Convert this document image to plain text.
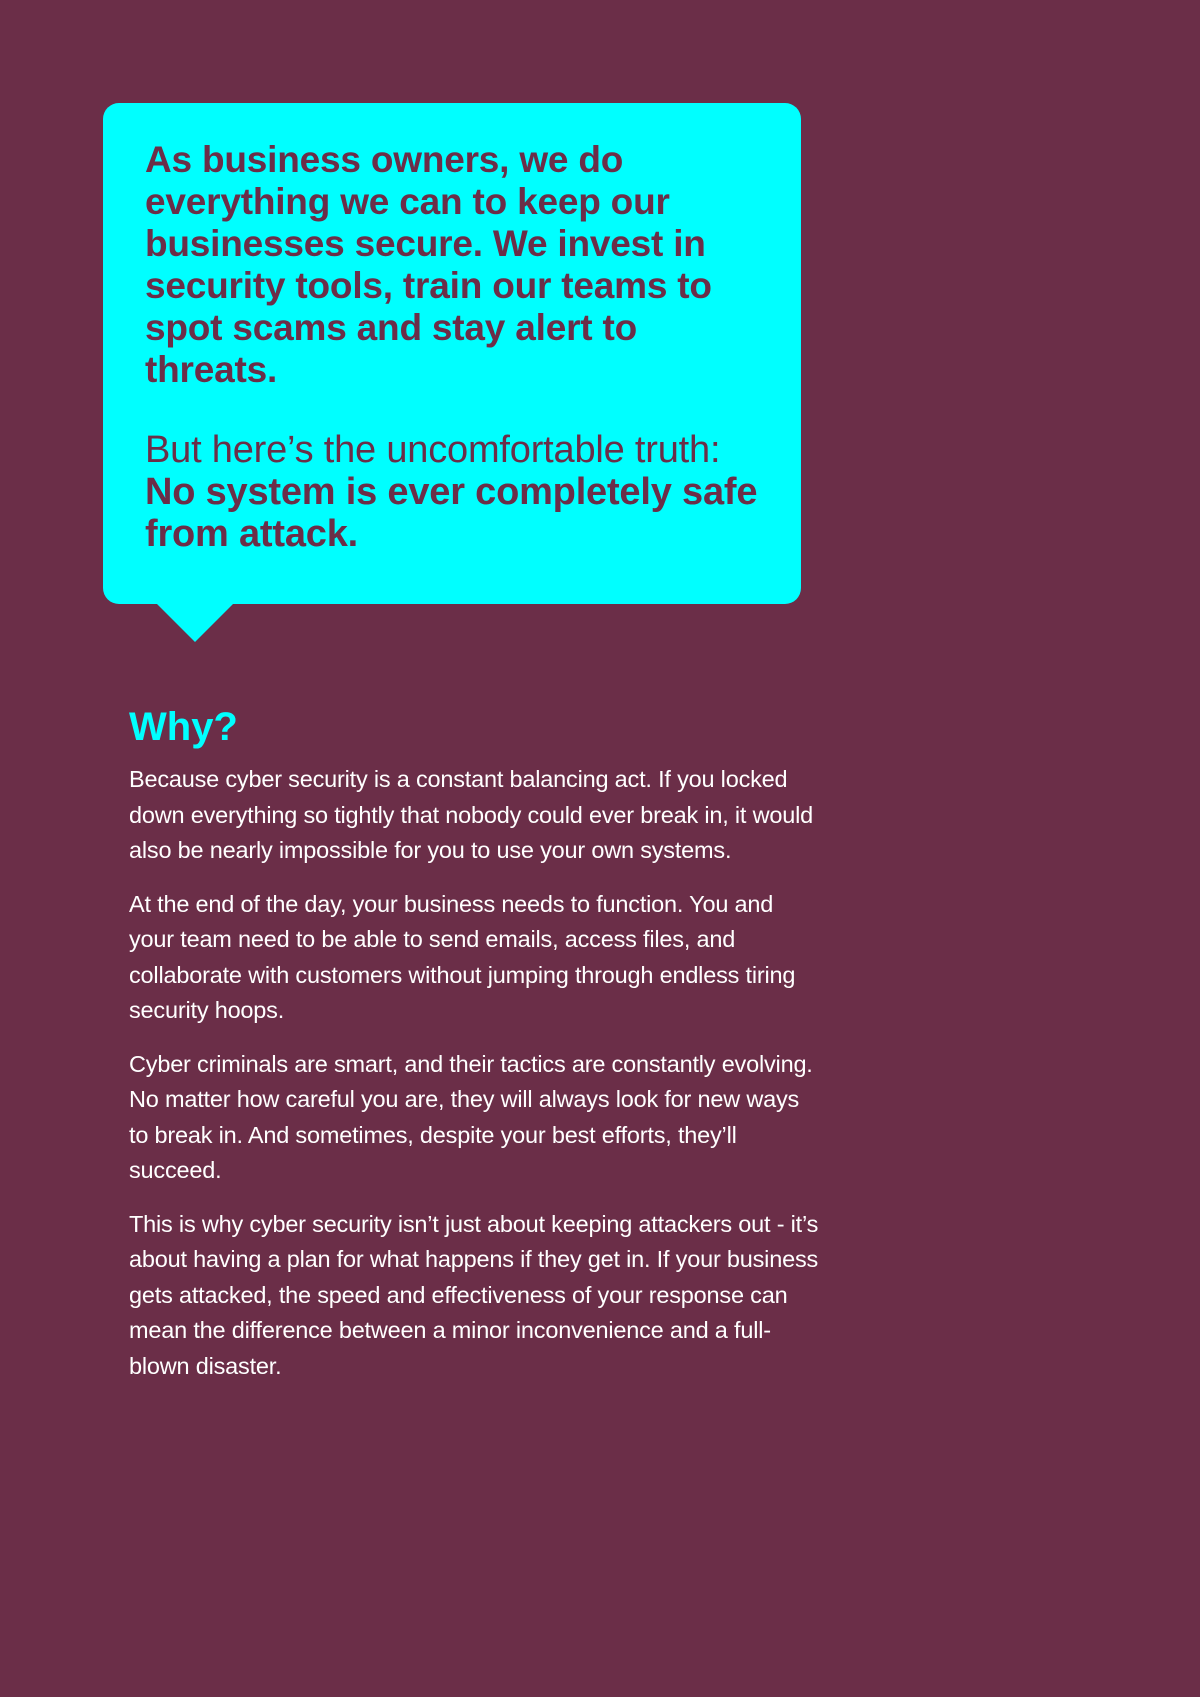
As business owners, we do everything we can to keep our businesses secure. We invest in security tools, train our teams to spot scams and stay alert to threats.

But here’s the uncomfortable truth: No system is ever completely safe from attack.

Why?

Because cyber security is a constant balancing act. If you locked down everything so tightly that nobody could ever break in, it would also be nearly impossible for you to use your own systems.

At the end of the day, your business needs to function. You and your team need to be able to send emails, access files, and collaborate with customers without jumping through endless tiring security hoops.

Cyber criminals are smart, and their tactics are constantly evolving. No matter how careful you are, they will always look for new ways to break in. And sometimes, despite your best efforts, they’ll succeed.

This is why cyber security isn’t just about keeping attackers out - it’s about having a plan for what happens if they get in. If your business gets attacked, the speed and effectiveness of your response can mean the difference between a minor inconvenience and a full-blown disaster.
